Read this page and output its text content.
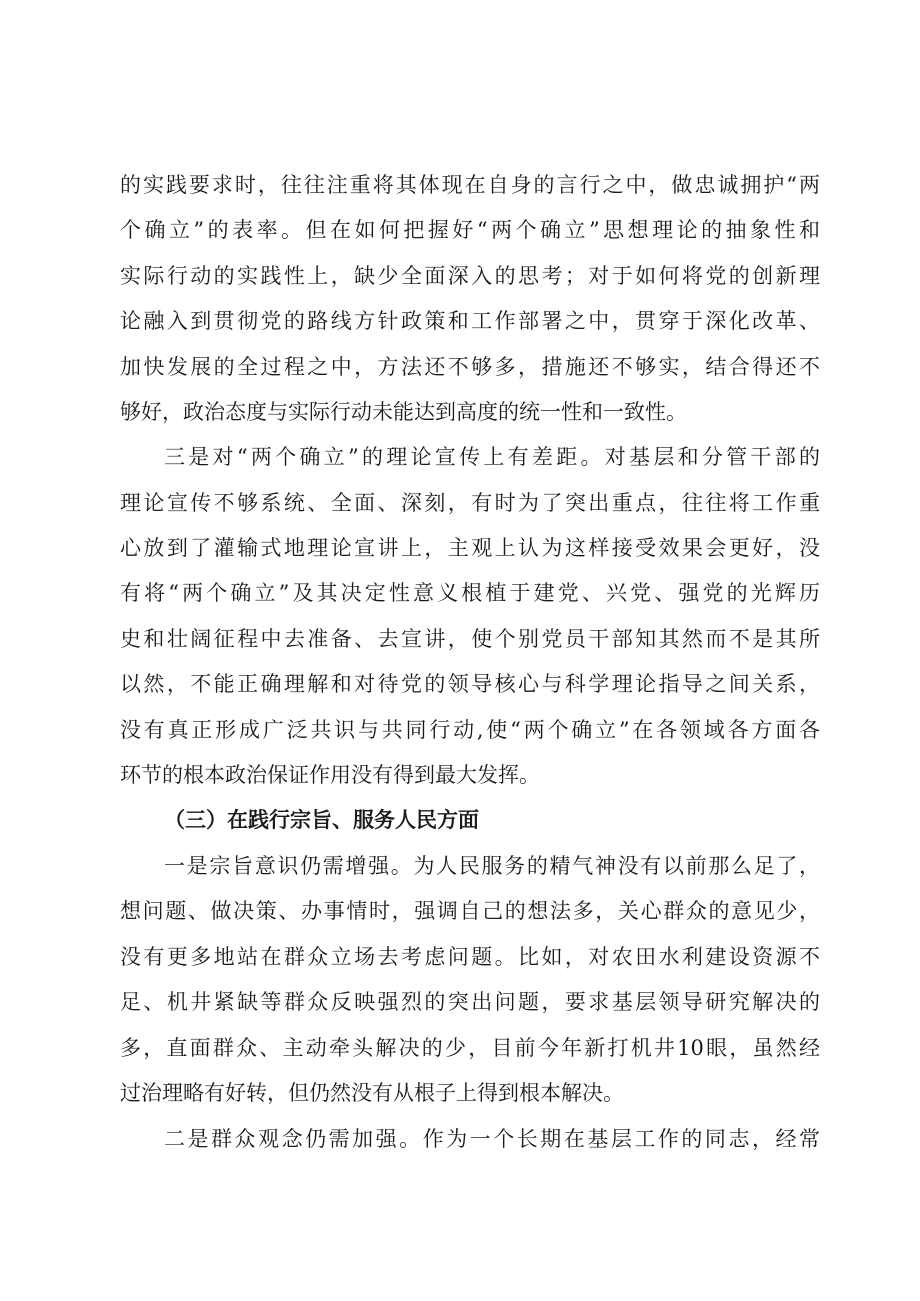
的实践要求时，往往注重将其体现在自身的言行之中，做忠诚拥护“两
个确立”的表率。但在如何把握好“两个确立”思想理论的抽象性和
实际行动的实践性上，缺少全面深入的思考；对于如何将党的创新理
论融入到贯彻党的路线方针政策和工作部署之中，贯穿于深化改革、
加快发展的全过程之中，方法还不够多，措施还不够实，结合得还不
够好，政治态度与实际行动未能达到高度的统一性和一致性。
三是对“两个确立”的理论宣传上有差距。对基层和分管干部的
理论宣传不够系统、全面、深刻，有时为了突出重点，往往将工作重
心放到了灌输式地理论宣讲上，主观上认为这样接受效果会更好，没
有将“两个确立”及其决定性意义根植于建党、兴党、强党的光辉历
史和壮阔征程中去准备、去宣讲，使个别党员干部知其然而不是其所
以然，不能正确理解和对待党的领导核心与科学理论指导之间关系，
没有真正形成广泛共识与共同行动,使“两个确立”在各领域各方面各
环节的根本政治保证作用没有得到最大发挥。
（三）在践行宗旨、服务人民方面
一是宗旨意识仍需增强。为人民服务的精气神没有以前那么足了，
想问题、做决策、办事情时，强调自己的想法多，关心群众的意见少，
没有更多地站在群众立场去考虑问题。比如，对农田水利建设资源不
足、机井紧缺等群众反映强烈的突出问题，要求基层领导研究解决的
多，直面群众、主动牵头解决的少，目前今年新打机井10眼，虽然经
过治理略有好转，但仍然没有从根子上得到根本解决。
二是群众观念仍需加强。作为一个长期在基层工作的同志，经常
